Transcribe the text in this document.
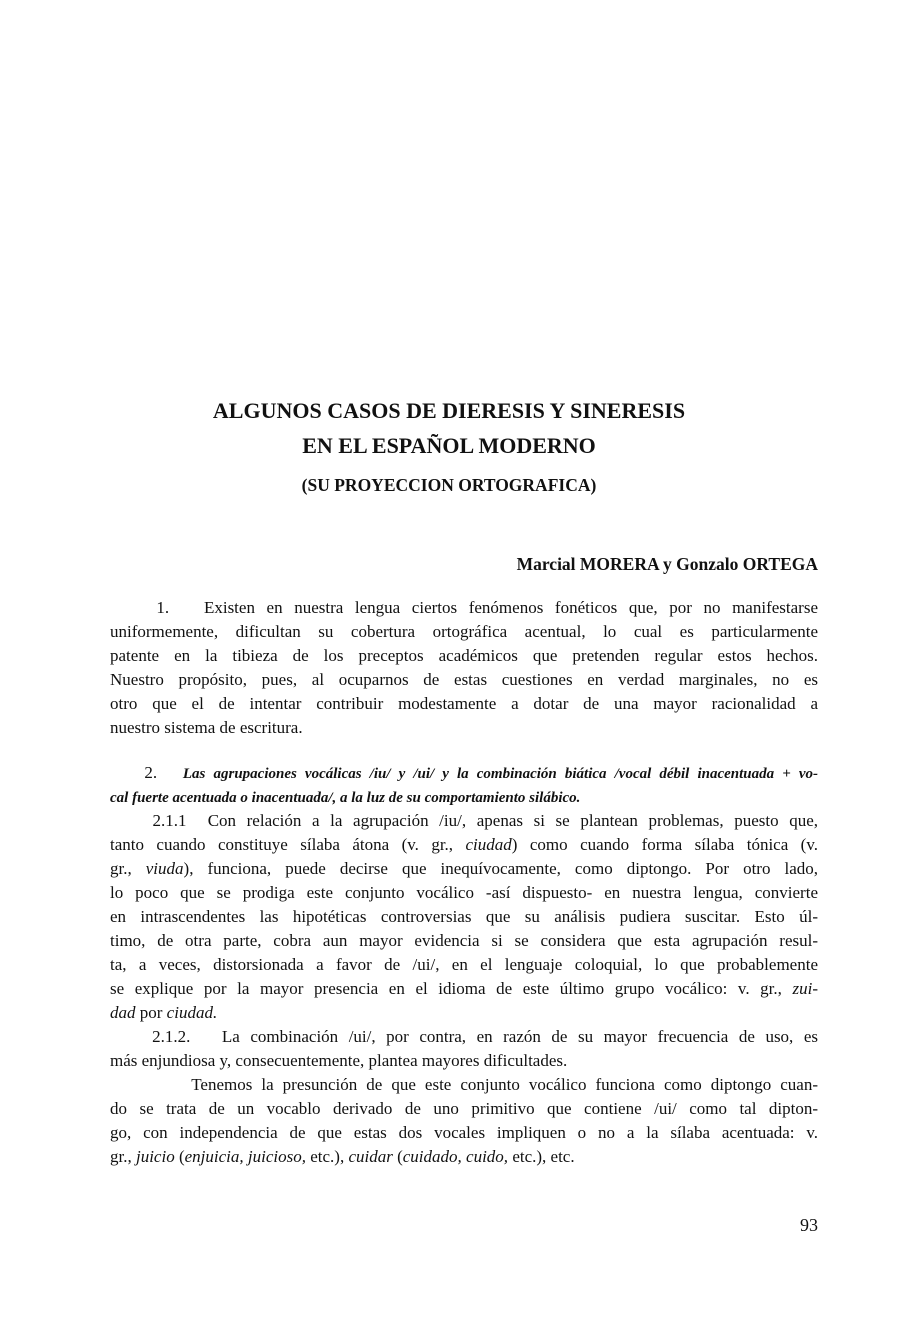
ALGUNOS CASOS DE DIERESIS Y SINERESIS
EN EL ESPAÑOL MODERNO
(SU PROYECCION ORTOGRAFICA)
Marcial MORERA y Gonzalo ORTEGA
1.   Existen en nuestra lengua ciertos fenómenos fonéticos que, por no manifestarse
uniformemente, dificultan su cobertura ortográfica acentual, lo cual es particularmente
patente en la tibieza de los preceptos académicos que pretenden regular estos hechos.
Nuestro propósito, pues, al ocuparnos de estas cuestiones en verdad marginales, no es
otro que el de intentar contribuir modestamente a dotar de una mayor racionalidad a
nuestro sistema de escritura.
2.   Las agrupaciones vocálicas /iu/ y /ui/ y la combinación biática /vocal débil inacentuada + vo-
cal fuerte acentuada o inacentuada/, a la luz de su comportamiento silábico.
2.1.1  Con relación a la agrupación /iu/, apenas si se plantean problemas, puesto que,
tanto cuando constituye sílaba átona (v. gr., ciudad) como cuando forma sílaba tónica (v.
gr., viuda), funciona, puede decirse que inequívocamente, como diptongo. Por otro lado,
lo poco que se prodiga este conjunto vocálico -así dispuesto- en nuestra lengua, convierte
en intrascendentes las hipotéticas controversias que su análisis pudiera suscitar. Esto úl-
timo, de otra parte, cobra aun mayor evidencia si se considera que esta agrupación resul-
ta, a veces, distorsionada a favor de /ui/, en el lenguaje coloquial, lo que probablemente
se explique por la mayor presencia en el idioma de este último grupo vocálico: v. gr., zui-
dad por ciudad.
2.1.2.   La combinación /ui/, por contra, en razón de su mayor frecuencia de uso, es
más enjundiosa y, consecuentemente, plantea mayores dificultades.
Tenemos la presunción de que este conjunto vocálico funciona como diptongo cuan-
do se trata de un vocablo derivado de uno primitivo que contiene /ui/ como tal dipton-
go, con independencia de que estas dos vocales impliquen o no a la sílaba acentuada: v.
gr., juicio (enjuicia, juicioso, etc.), cuidar (cuidado, cuido, etc.), etc.
93
